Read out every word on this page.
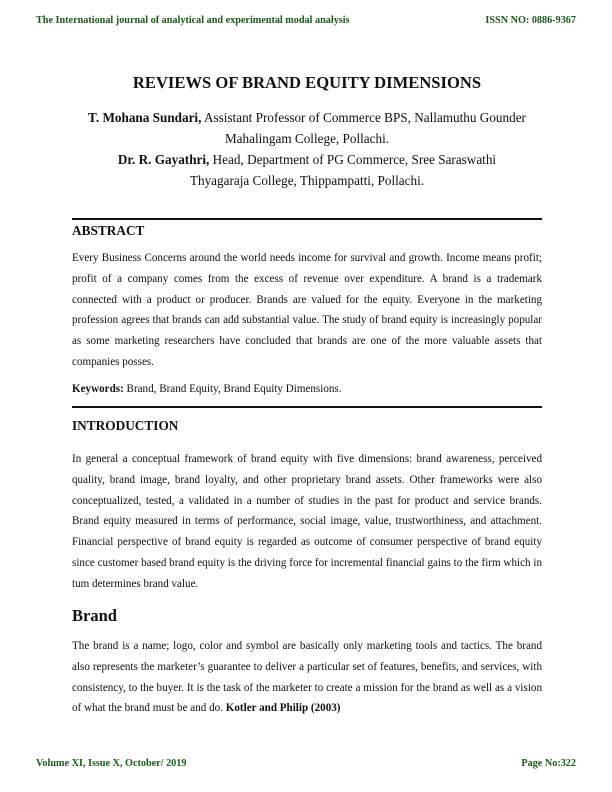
The International journal of analytical and experimental modal analysis	ISSN NO: 0886-9367
REVIEWS OF BRAND EQUITY DIMENSIONS
T. Mohana Sundari, Assistant Professor of Commerce BPS, Nallamuthu Gounder
Mahalingam College, Pollachi.
Dr. R. Gayathri, Head, Department of PG Commerce, Sree Saraswathi
Thyagaraja College, Thippampatti, Pollachi.
ABSTRACT

Every Business Concerns around the world needs income for survival and growth. Income means profit; profit of a company comes from the excess of revenue over expenditure. A brand is a trademark connected with a product or producer. Brands are valued for the equity. Everyone in the marketing profession agrees that brands can add substantial value. The study of brand equity is increasingly popular as some marketing researchers have concluded that brands are one of the more valuable assets that companies posses.

Keywords: Brand, Brand Equity, Brand Equity Dimensions.
INTRODUCTION

In general a conceptual framework of brand equity with five dimensions: brand awareness, perceived quality, brand image, brand loyalty, and other proprietary brand assets. Other frameworks were also conceptualized, tested, a validated in a number of studies in the past for product and service brands. Brand equity measured in terms of performance, social image, value, trustworthiness, and attachment. Financial perspective of brand equity is regarded as outcome of consumer perspective of brand equity since customer based brand equity is the driving force for incremental financial gains to the firm which in tum determines brand value.

Brand

The brand is a name; logo, color and symbol are basically only marketing tools and tactics. The brand also represents the marketer’s guarantee to deliver a particular set of features, benefits, and services, with consistency, to the buyer. It is the task of the marketer to create a mission for the brand as well as a vision of what the brand must be and do. Kotler and Philip (2003)

Volume XI, Issue X, October/ 2019	Page No:322
